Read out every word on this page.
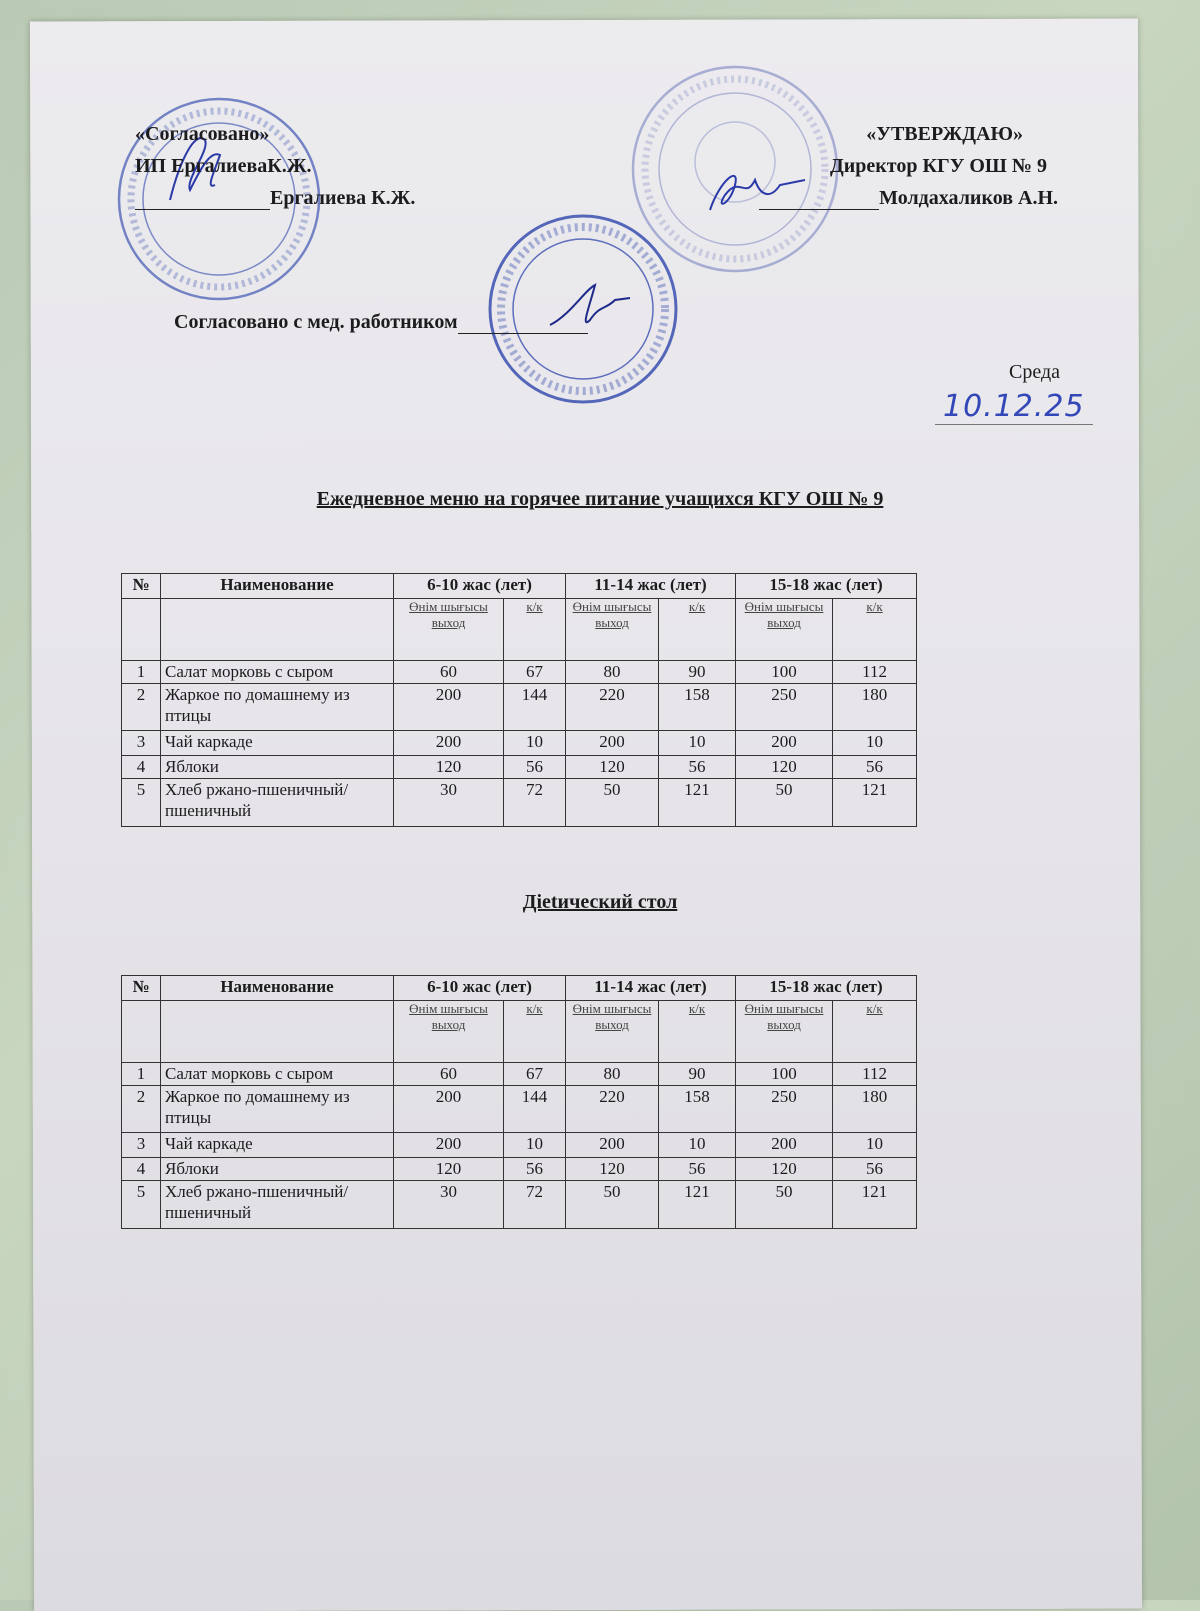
«Согласовано»
ИП ЕргалиеваК.Ж.
Ергалиева К.Ж.
«УТВЕРЖДАЮ»
Директор КГУ ОШ № 9
Молдахаликов А.Н.
Согласовано с мед. работником
Среда
10.12.25
Ежедневное меню на горячее питание учащихся КГУ ОШ № 9
Дietический стол
№	Наименование	6-10 жас (лет)		11-14 жас (лет)		15-18 жас (лет)	
		Өнім шығысы выход	к/к	Өнім шығысы выход	к/к	Өнім шығысы выход	к/к
1	Салат морковь с сыром	60	67	80	90	100	112
2	Жаркое по домашнему из птицы	200	144	220	158	250	180
3	Чай каркаде	200	10	200	10	200	10
4	Яблоки	120	56	120	56	120	56
5	Хлеб ржано-пшеничный/пшеничный	30	72	50	121	50	121
№	Наименование	6-10 жас (лет)		11-14 жас (лет)		15-18 жас (лет)	
		Өнім шығысы выход	к/к	Өнім шығысы выход	к/к	Өнім шығысы выход	к/к
1	Салат морковь с сыром	60	67	80	90	100	112
2	Жаркое по домашнему из птицы	200	144	220	158	250	180
3	Чай каркаде	200	10	200	10	200	10
4	Яблоки	120	56	120	56	120	56
5	Хлеб ржано-пшеничный/пшеничный	30	72	50	121	50	121
